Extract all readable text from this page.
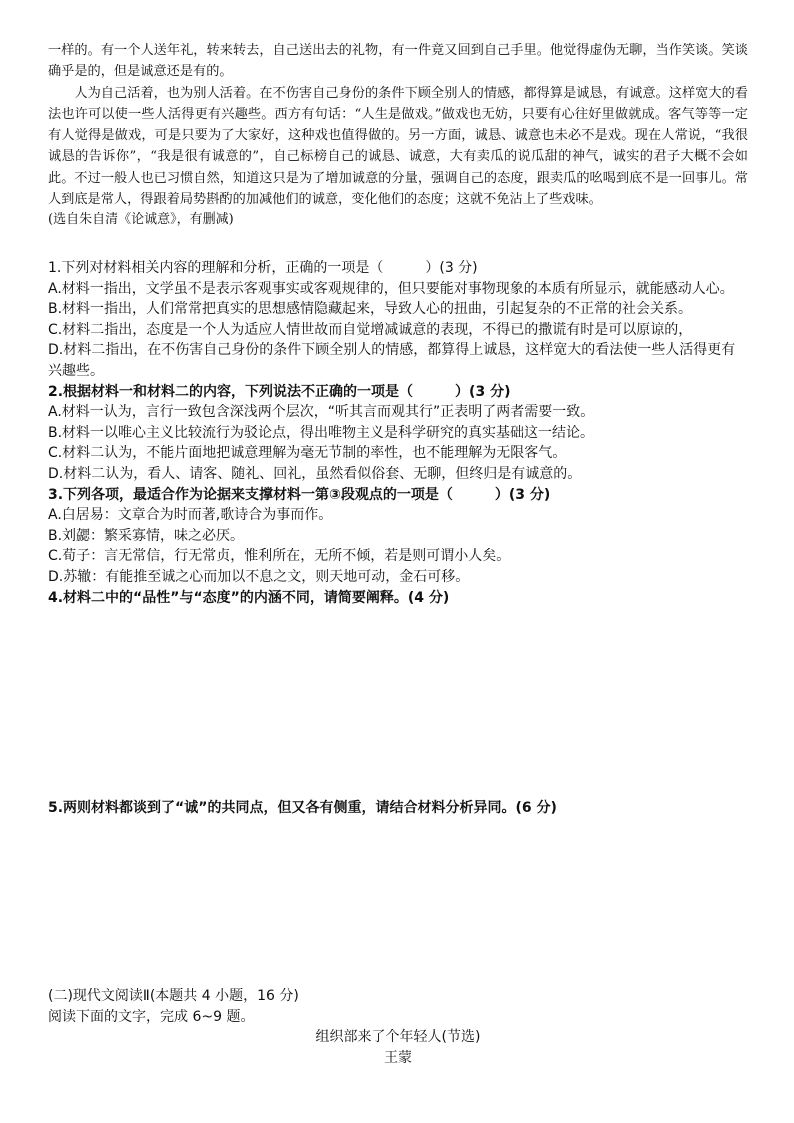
一样的。有一个人送年礼，转来转去，自己送出去的礼物，有一件竟又回到自己手里。他觉得虚伪无聊，当作笑谈。笑谈确乎是的，但是诚意还是有的。

人为自己活着，也为别人活着。在不伤害自己身份的条件下顾全别人的情感，都得算是诚恳，有诚意。这样宽大的看法也许可以使一些人活得更有兴趣些。西方有句话：“人生是做戏。”做戏也无妨，只要有心往好里做就成。客气等等一定有人觉得是做戏，可是只要为了大家好，这种戏也值得做的。另一方面，诚恳、诚意也未必不是戏。现在人常说，“我很诚恳的告诉你”，“我是很有诚意的”，自己标榜自己的诚恳、诚意，大有卖瓜的说瓜甜的神气，诚实的君子大概不会如此。不过一般人也已习惯自然，知道这只是为了增加诚意的分量，强调自己的态度，跟卖瓜的吆喝到底不是一回事儿。常人到底是常人，得跟着局势斟酌的加减他们的诚意，变化他们的态度；这就不免沾上了些戏味。

(选自朱自清《论诚意》，有删减)

1.下列对材料相关内容的理解和分析，正确的一项是（　　　）(3 分)

A.材料一指出，文学虽不是表示客观事实或客观规律的，但只要能对事物现象的本质有所显示，就能感动人心。

B.材料一指出，人们常常把真实的思想感情隐藏起来，导致人心的扭曲，引起复杂的不正常的社会关系。

C.材料二指出，态度是一个人为适应人情世故而自觉增减诚意的表现，不得已的撒谎有时是可以原谅的，

D.材料二指出，在不伤害自己身份的条件下顾全别人的情感，都算得上诚恳，这样宽大的看法使一些人活得更有兴趣些。

2.根据材料一和材料二的内容，下列说法不正确的一项是（　　　）(3 分)

A.材料一认为，言行一致包含深浅两个层次，“听其言而观其行”正表明了两者需要一致。

B.材料一以唯心主义比较流行为驳论点，得出唯物主义是科学研究的真实基础这一结论。

C.材料二认为，不能片面地把诚意理解为毫无节制的率性，也不能理解为无限客气。

D.材料二认为，看人、请客、随礼、回礼，虽然看似俗套、无聊，但终归是有诚意的。

3.下列各项，最适合作为论据来支撑材料一第③段观点的一项是（　　　）(3 分)

A.白居易：文章合为时而著,歌诗合为事而作。

B.刘勰：繁采寡情，味之必厌。

C.荀子：言无常信，行无常贞，惟利所在，无所不倾，若是则可谓小人矣。

D.苏辙：有能推至诚之心而加以不息之文，则天地可动，金石可移。

4.材料二中的“品性”与“态度”的内涵不同，请简要阐释。(4 分)

5.两则材料都谈到了“诚”的共同点，但又各有侧重，请结合材料分析异同。(6 分)

(二)现代文阅读Ⅱ(本题共 4 小题，16 分)

阅读下面的文字，完成 6~9 题。

组织部来了个年轻人(节选)

王蒙
